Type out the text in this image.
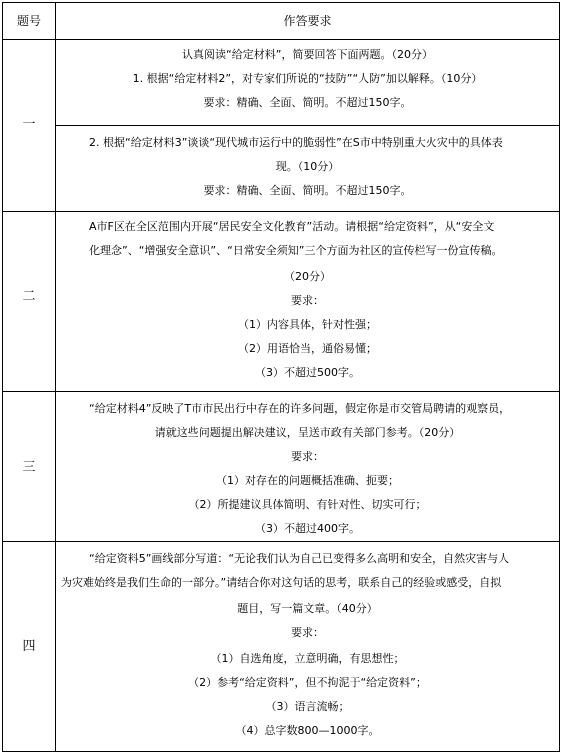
题号	作答要求
一
认真阅读“给定材料”，简要回答下面两题。（20分）
1. 根据“给定材料2”，对专家们所说的“技防”“人防”加以解释。（10分）
要求：精确、全面、简明。不超过150字。
2. 根据“给定材料3”谈谈“现代城市运行中的脆弱性”在S市中特别重大火灾中的具体表
现。（10分）
要求：精确、全面、简明。不超过150字。
二
A市F区在全区范围内开展“居民安全文化教育”活动。请根据“给定资料”，从“安全文
化理念”、“增强安全意识”、“日常安全须知”三个方面为社区的宣传栏写一份宣传稿。
（20分）
要求：
（1）内容具体，针对性强；
（2）用语恰当，通俗易懂；
（3）不超过500字。
三
“给定材料4”反映了T市市民出行中存在的许多问题，假定你是市交管局聘请的观察员，
请就这些问题提出解决建议，呈送市政有关部门参考。（20分）
要求：
（1）对存在的问题概括准确、扼要；
（2）所提建议具体简明、有针对性、切实可行；
（3）不超过400字。
四
“给定资料5”画线部分写道：“无论我们认为自己已变得多么高明和安全，自然灾害与人
为灾难始终是我们生命的一部分。”请结合你对这句话的思考，联系自己的经验或感受，自拟
题目，写一篇文章。（40分）
要求：
（1）自选角度，立意明确，有思想性；
（2）参考“给定资料”，但不拘泥于“给定资料”；
（3）语言流畅；
（4）总字数800—1000字。
